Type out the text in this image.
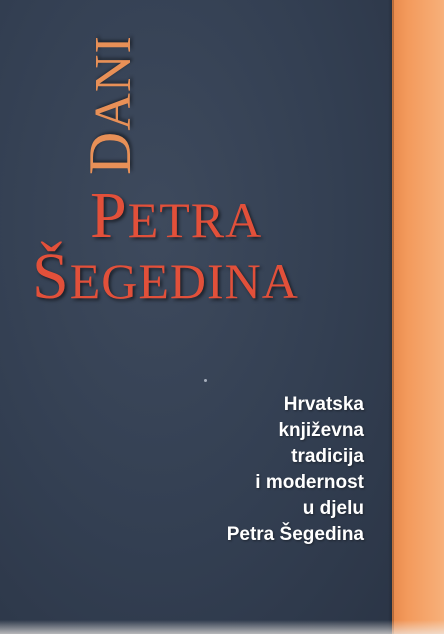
DANI
PETRA
ŠEGEDINA
Hrvatska
književna
tradicija
i modernost
u djelu
Petra Šegedina
